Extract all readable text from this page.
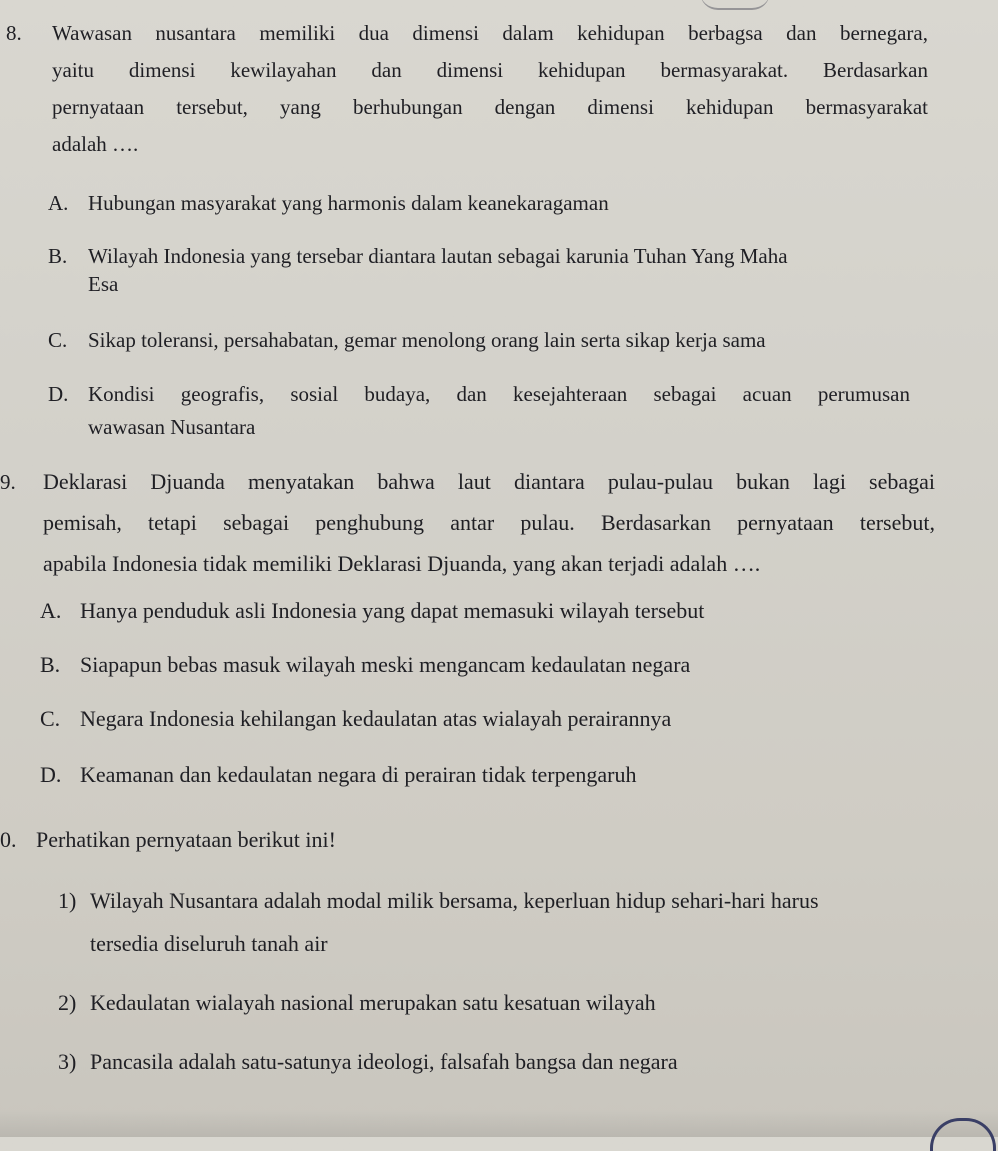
8. Wawasan nusantara memiliki dua dimensi dalam kehidupan berbagsa dan bernegara,
yaitu dimensi kewilayahan dan dimensi kehidupan bermasyarakat. Berdasarkan
pernyataan tersebut, yang berhubungan dengan dimensi kehidupan bermasyarakat
adalah ….
A. Hubungan masyarakat yang harmonis dalam keanekaragaman
B. Wilayah Indonesia yang tersebar diantara lautan sebagai karunia Tuhan Yang Maha
Esa
C. Sikap toleransi, persahabatan, gemar menolong orang lain serta sikap kerja sama
D. Kondisi geografis, sosial budaya, dan kesejahteraan sebagai acuan perumusan
wawasan Nusantara
9. Deklarasi Djuanda menyatakan bahwa laut diantara pulau-pulau bukan lagi sebagai
pemisah, tetapi sebagai penghubung antar pulau. Berdasarkan pernyataan tersebut,
apabila Indonesia tidak memiliki Deklarasi Djuanda, yang akan terjadi adalah ….
A. Hanya penduduk asli Indonesia yang dapat memasuki wilayah tersebut
B. Siapapun bebas masuk wilayah meski mengancam kedaulatan negara
C. Negara Indonesia kehilangan kedaulatan atas wialayah perairannya
D. Keamanan dan kedaulatan negara di perairan tidak terpengaruh
0. Perhatikan pernyataan berikut ini!
1) Wilayah Nusantara adalah modal milik bersama, keperluan hidup sehari-hari harus
tersedia diseluruh tanah air
2) Kedaulatan wialayah nasional merupakan satu kesatuan wilayah
3) Pancasila adalah satu-satunya ideologi, falsafah bangsa dan negara
